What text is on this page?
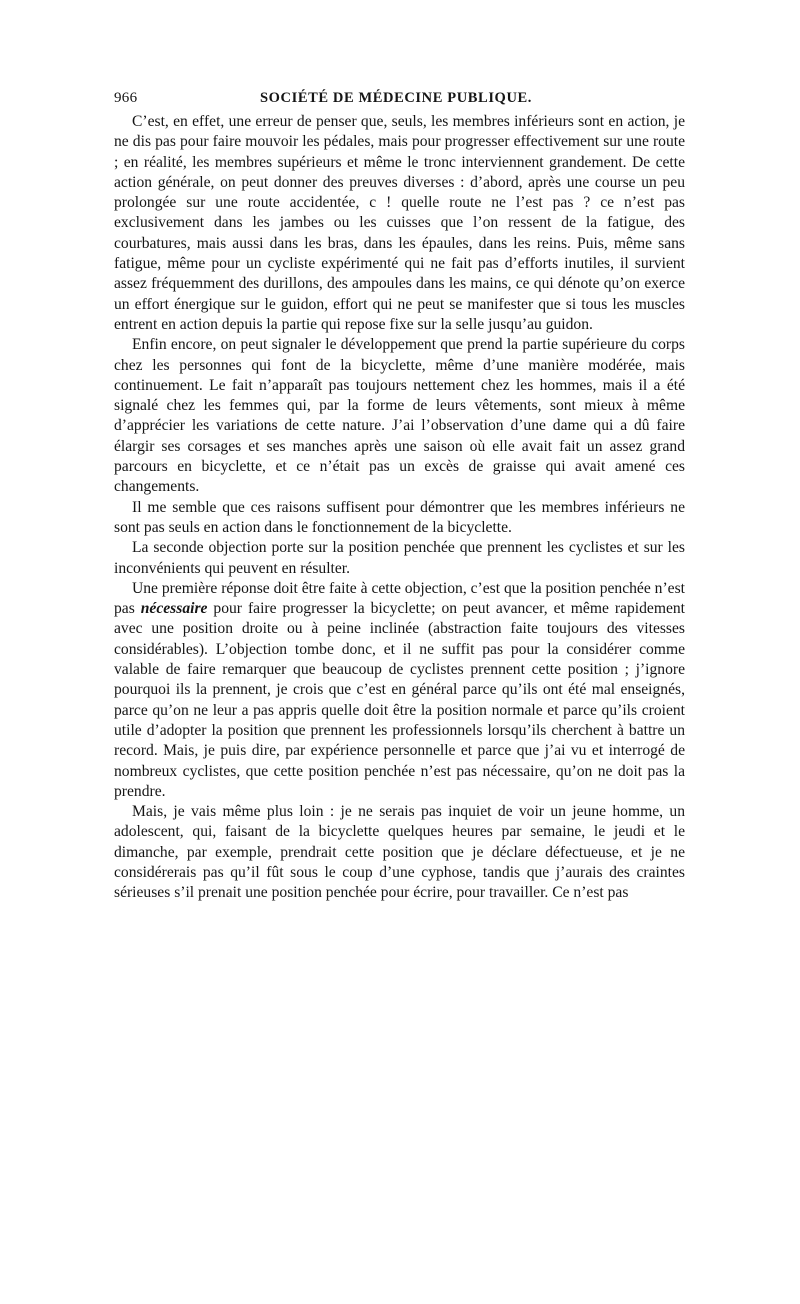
966	SOCIÉTÉ DE MÉDECINE PUBLIQUE.

C’est, en effet, une erreur de penser que, seuls, les membres inférieurs sont en action, je ne dis pas pour faire mouvoir les pédales, mais pour progresser effectivement sur une route ; en réalité, les membres supérieurs et même le tronc interviennent grandement. De cette action générale, on peut donner des preuves diverses : d’abord, après une course un peu prolongée sur une route accidentée, c ! quelle route ne l’est pas ? ce n’est pas exclusivement dans les jambes ou les cuisses que l’on ressent de la fatigue, des courbatures, mais aussi dans les bras, dans les épaules, dans les reins. Puis, même sans fatigue, même pour un cycliste expérimenté qui ne fait pas d’efforts inutiles, il survient assez fréquemment des durillons, des ampoules dans les mains, ce qui dénote qu’on exerce un effort énergique sur le guidon, effort qui ne peut se manifester que si tous les muscles entrent en action depuis la partie qui repose fixe sur la selle jusqu’au guidon.

Enfin encore, on peut signaler le développement que prend la partie supérieure du corps chez les personnes qui font de la bicyclette, même d’une manière modérée, mais continuement. Le fait n’apparaît pas toujours nettement chez les hommes, mais il a été signalé chez les femmes qui, par la forme de leurs vêtements, sont mieux à même d’apprécier les variations de cette nature. J’ai l’observation d’une dame qui a dû faire élargir ses corsages et ses manches après une saison où elle avait fait un assez grand parcours en bicyclette, et ce n’était pas un excès de graisse qui avait amené ces changements.

Il me semble que ces raisons suffisent pour démontrer que les membres inférieurs ne sont pas seuls en action dans le fonctionnement de la bicyclette.

La seconde objection porte sur la position penchée que prennent les cyclistes et sur les inconvénients qui peuvent en résulter.

Une première réponse doit être faite à cette objection, c’est que la position penchée n’est pas nécessaire pour faire progresser la bicyclette; on peut avancer, et même rapidement avec une position droite ou à peine inclinée (abstraction faite toujours des vitesses considérables). L’objection tombe donc, et il ne suffit pas pour la considérer comme valable de faire remarquer que beaucoup de cyclistes prennent cette position ; j’ignore pourquoi ils la prennent, je crois que c’est en général parce qu’ils ont été mal enseignés, parce qu’on ne leur a pas appris quelle doit être la position normale et parce qu’ils croient utile d’adopter la position que prennent les professionnels lorsqu’ils cherchent à battre un record. Mais, je puis dire, par expérience personnelle et parce que j’ai vu et interrogé de nombreux cyclistes, que cette position penchée n’est pas nécessaire, qu’on ne doit pas la prendre.

Mais, je vais même plus loin : je ne serais pas inquiet de voir un jeune homme, un adolescent, qui, faisant de la bicyclette quelques heures par semaine, le jeudi et le dimanche, par exemple, prendrait cette position que je déclare défectueuse, et je ne considérerais pas qu’il fût sous le coup d’une cyphose, tandis que j’aurais des craintes sérieuses s’il prenait une position penchée pour écrire, pour travailler. Ce n’est pas
